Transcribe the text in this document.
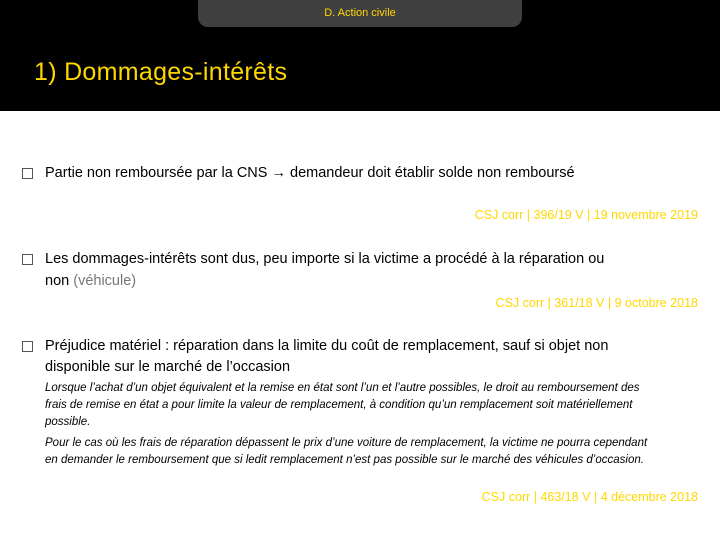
D. Action civile
1) Dommages-intérêts
Partie non remboursée par la CNS → demandeur doit établir solde non remboursé
CSJ corr | 396/19 V | 19 novembre 2019
Les dommages-intérêts sont dus, peu importe si la victime a procédé à la réparation ou
non (véhicule)
CSJ corr | 361/18 V | 9 octobre 2018
Préjudice matériel : réparation dans la limite du coût de remplacement, sauf si objet non
disponible sur le marché de l’occasion
Lorsque l’achat d’un objet équivalent et la remise en état sont l’un et l’autre possibles, le droit au remboursement des
frais de remise en état a pour limite la valeur de remplacement, à condition qu’un remplacement soit matériellement
possible.
Pour le cas où les frais de réparation dépassent le prix d’une voiture de remplacement, la victime ne pourra cependant
en demander le remboursement que si ledit remplacement n’est pas possible sur le marché des véhicules d’occasion.
CSJ corr | 463/18 V | 4 décembre 2018
